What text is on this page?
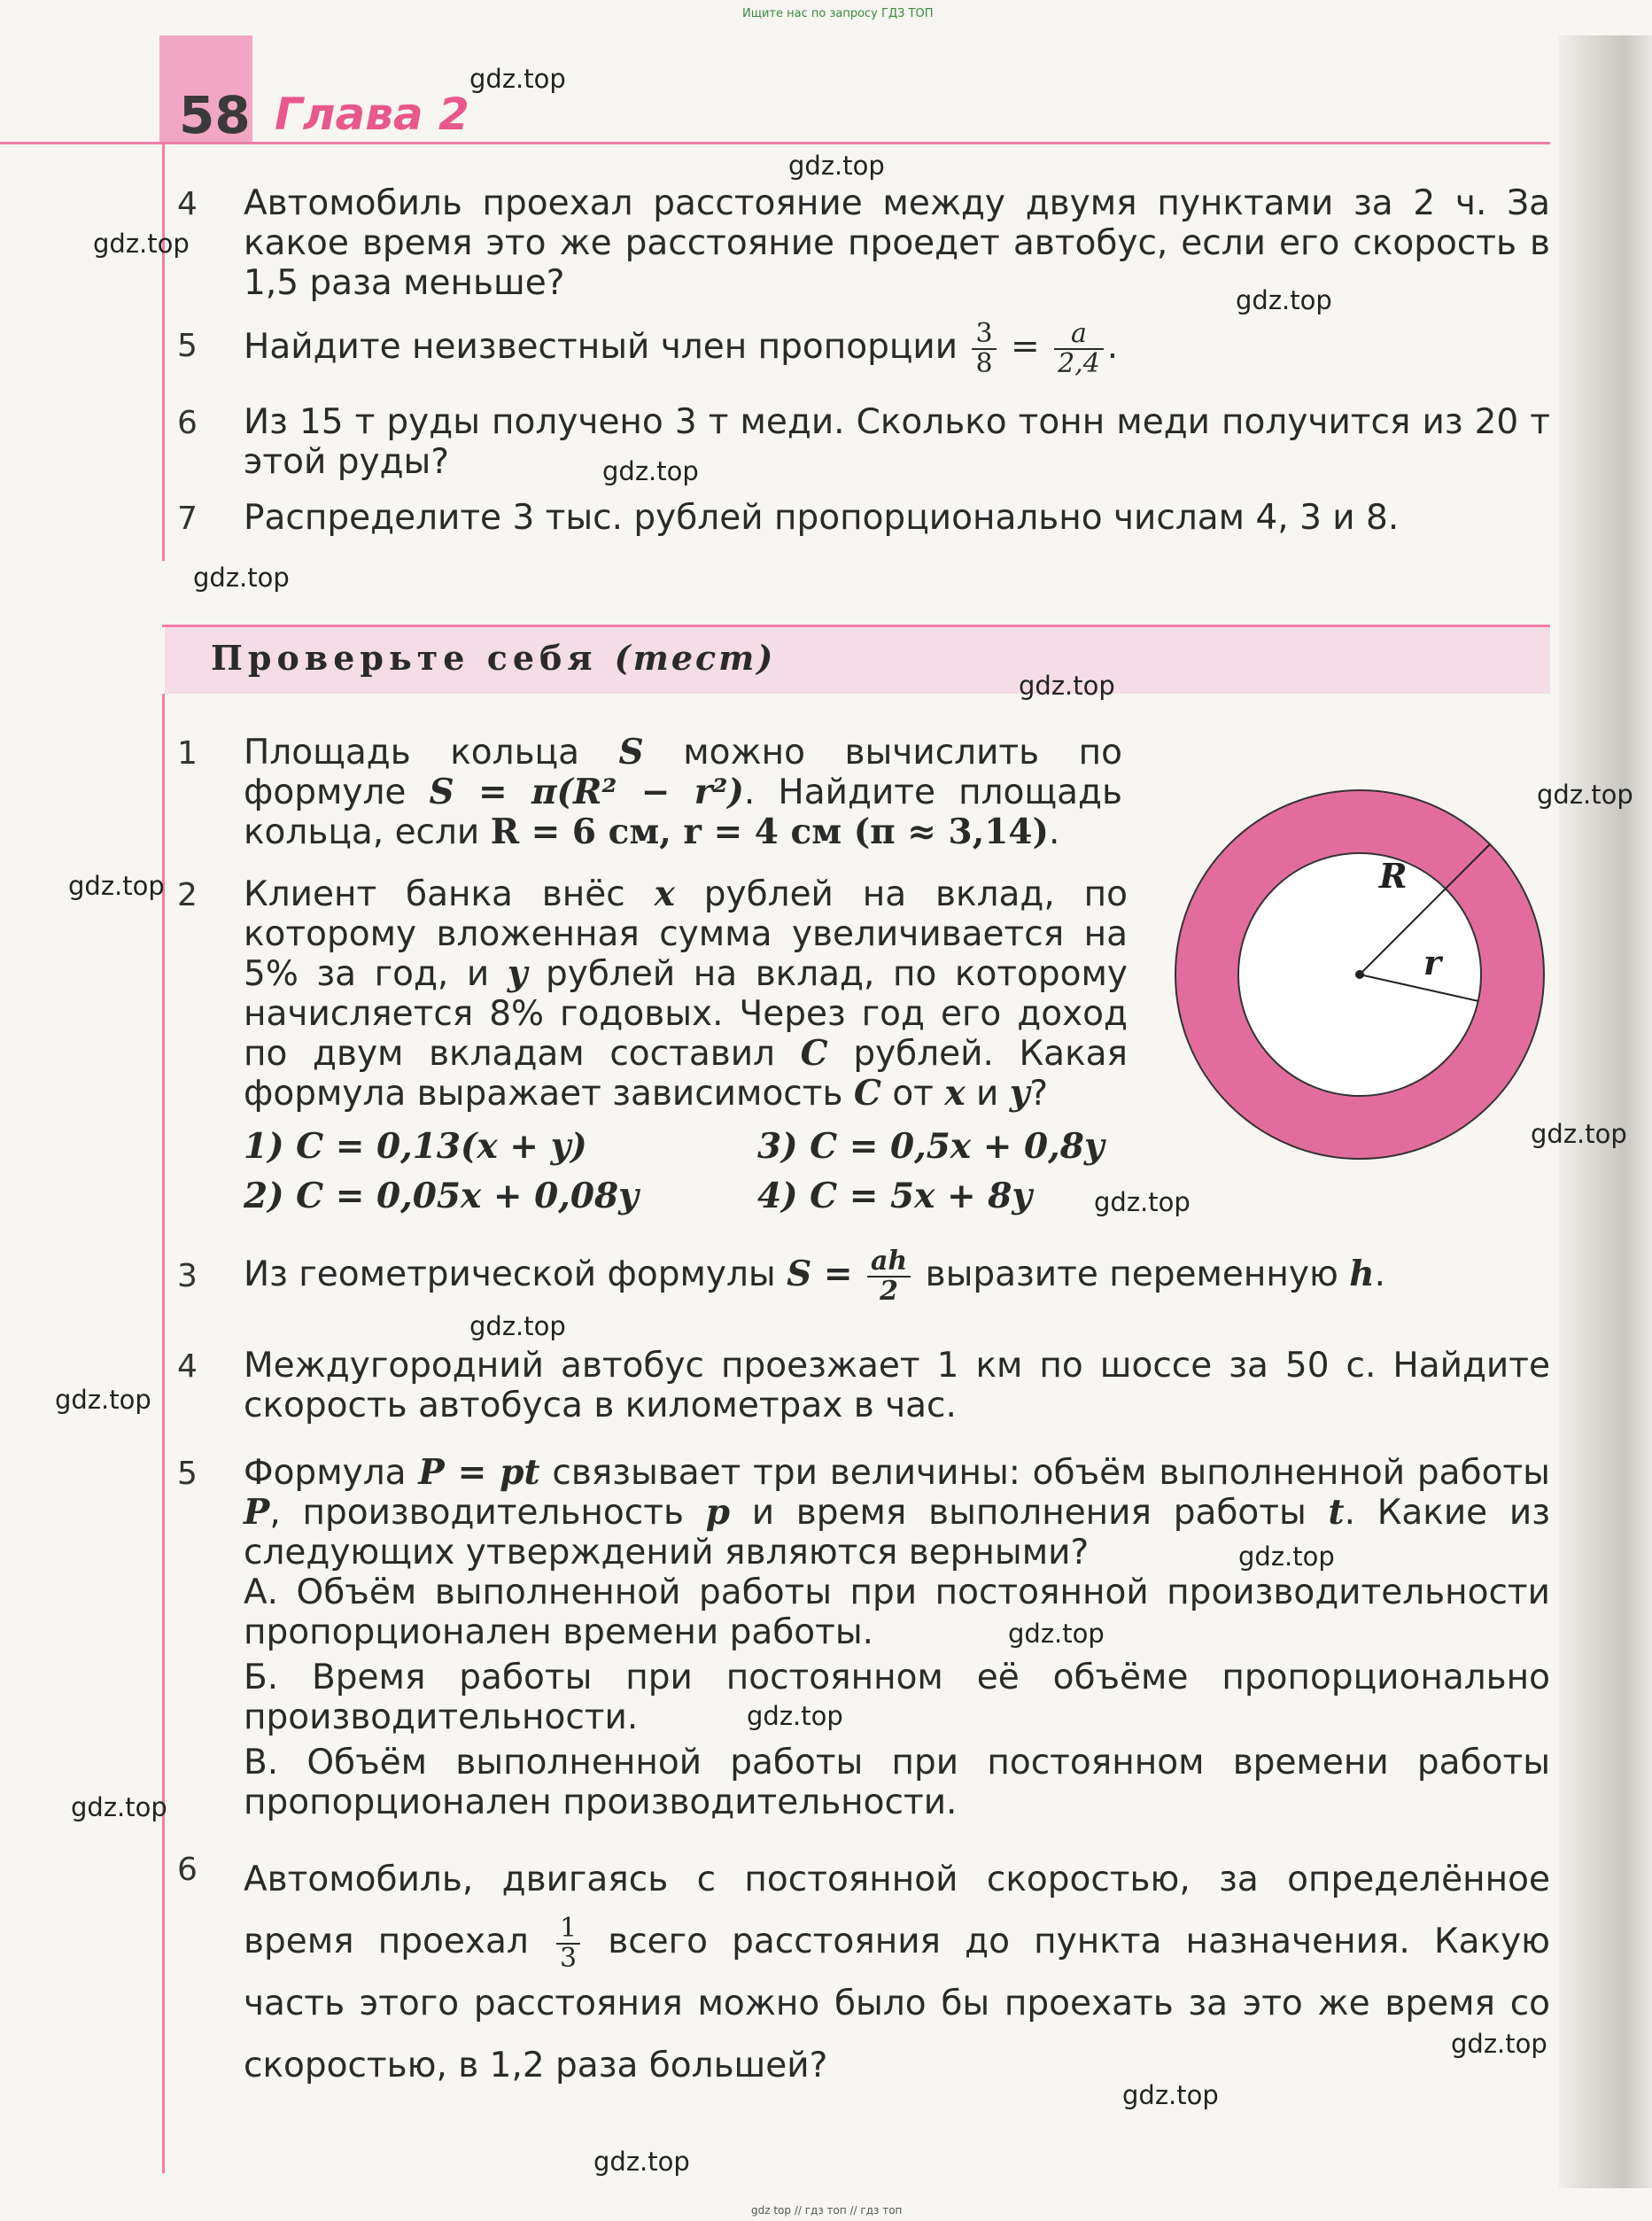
Ищите нас по запросу ГДЗ ТОП
58 Глава 2
4 Автомобиль проехал расстояние между двумя пунктами за 2 ч. За какое время это же расстояние проедет автобус, если его скорость в 1,5 раза меньше?
5 Найдите неизвестный член пропорции $\frac{3}{8} = \frac{a}{2,4}$ .
6 Из 15 т руды получено 3 т меди. Сколько тонн меди получится из 20 т этой руды?
7 Распределите 3 тыс. рублей пропорционально числам 4, 3 и 8.
Проверьте себя (тест)
1 Площадь кольца S можно вычислить по формуле S = π(R² − r²). Найдите площадь кольца, если R = 6 см, r = 4 см (π ≈ 3,14).
R
r
2 Клиент банка внёс x рублей на вклад, по которому вложенная сумма увеличивается на 5% за год, и y рублей на вклад, по которому начисляется 8% годовых. Через год его доход по двум вкладам составил C рублей. Какая формула выражает зависимость C от x и y?
1) C = 0,13(x + y)	3) C = 0,5x + 0,8y
2) C = 0,05x + 0,08y	4) C = 5x + 8y
3 Из геометрической формулы $S = \frac{ah}{2}$ выразите переменную h.
4 Междугородний автобус проезжает 1 км по шоссе за 50 с. Найдите скорость автобуса в километрах в час.
5 Формула P = pt связывает три величины: объём выполненной работы P, производительность p и время выполнения работы t. Какие из следующих утверждений являются верными?
А. Объём выполненной работы при постоянной производительности пропорционален времени работы.
Б. Время работы при постоянном её объёме пропорционально производительности.
В. Объём выполненной работы при постоянном времени работы пропорционален производительности.
6 Автомобиль, двигаясь с постоянной скоростью, за определённое время проехал $\frac{1}{3}$ всего расстояния до пункта назначения. Какую часть этого расстояния можно было бы проехать за это же время со скоростью, в 1,2 раза большей?
gdz.top
gdz.top
gdz.top
gdz.top
gdz.top
gdz.top
gdz.top
gdz.top
gdz.top
gdz.top
gdz.top
gdz.top
gdz.top
gdz.top
gdz.top
gdz.top
gdz.top
gdz.top
gdz.top
gdz.top
gdz top // гдз топ // гдз топ
